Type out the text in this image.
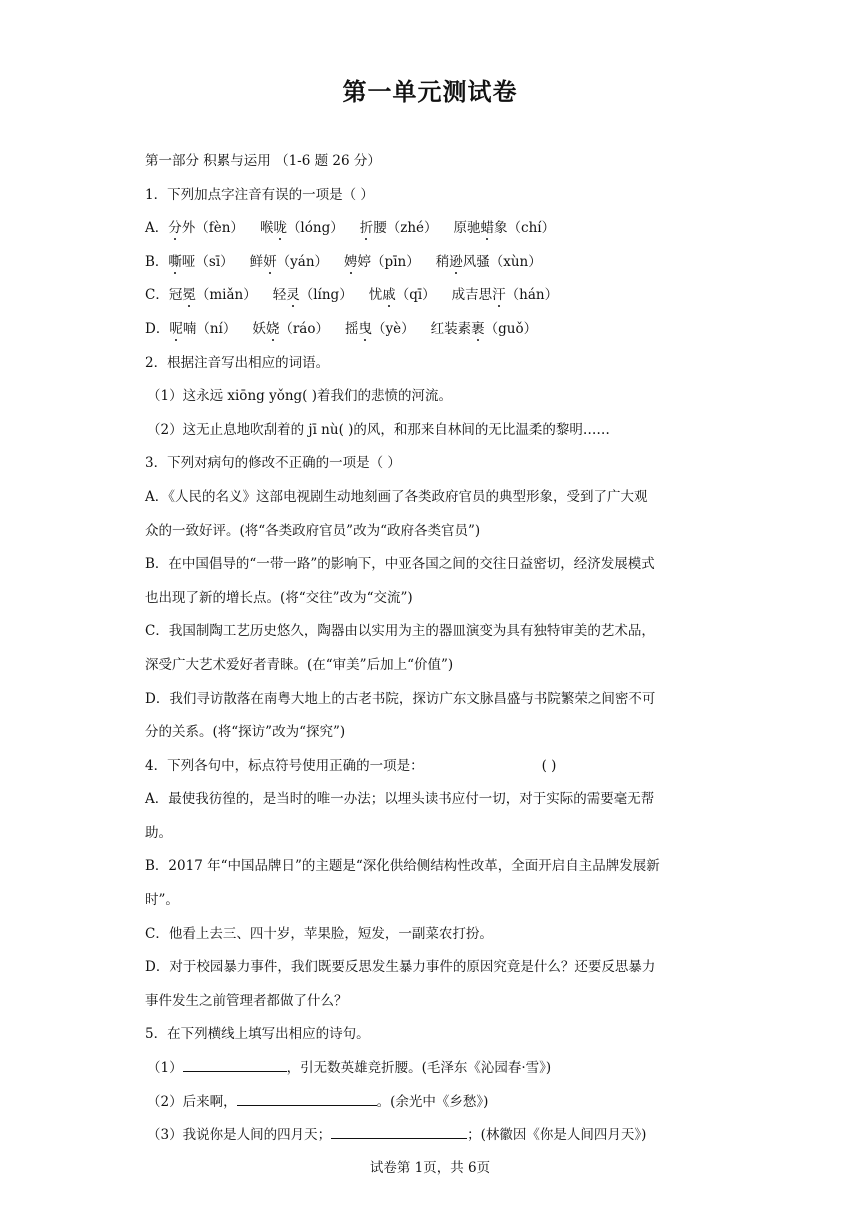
第一单元测试卷
第一部分 积累与运用 （1-6 题 26 分）
1．下列加点字注音有误的一项是（ ）
A．分外（fèn） 喉咙（lóng） 折腰（zhé） 原驰蜡象（chí）
B．嘶哑（sī） 鲜妍（yán） 娉婷（pīn） 稍逊风骚（xùn）
C．冠冕（miǎn） 轻灵（líng） 忧戚（qī） 成吉思汗（hán）
D．呢喃（ní） 妖娆（ráo） 摇曳（yè） 红装素裹（guǒ）
2．根据注音写出相应的词语。
（1）这永远 xiōng yǒng( )着我们的悲愤的河流。
（2）这无止息地吹刮着的 jī nù( )的风，和那来自林间的无比温柔的黎明……
3．下列对病句的修改不正确的一项是（ ）
A．《人民的名义》这部电视剧生动地刻画了各类政府官员的典型形象，受到了广大观
众的一致好评。(将“各类政府官员”改为“政府各类官员”)
B．在中国倡导的“一带一路”的影响下，中亚各国之间的交往日益密切，经济发展模式
也出现了新的增长点。(将“交往”改为“交流”)
C．我国制陶工艺历史悠久，陶器由以实用为主的器皿演变为具有独特审美的艺术品，
深受广大艺术爱好者青睐。(在“审美”后加上“价值”)
D．我们寻访散落在南粤大地上的古老书院，探访广东文脉昌盛与书院繁荣之间密不可
分的关系。(将“探访”改为“探究”)
4．下列各句中，标点符号使用正确的一项是：	( )
A．最使我彷徨的，是当时的唯一办法；以埋头读书应付一切，对于实际的需要毫无帮
助。
B．2017 年“中国品牌日”的主题是“深化供给侧结构性改革，全面开启自主品牌发展新
时”。
C．他看上去三、四十岁，苹果脸，短发，一副菜农打扮。
D．对于校园暴力事件，我们既要反思发生暴力事件的原因究竟是什么？还要反思暴力
事件发生之前管理者都做了什么？
5．在下列横线上填写出相应的诗句。
（1）	，引无数英雄竞折腰。(毛泽东《沁园春·雪》)
（2）后来啊，	。(余光中《乡愁》)
（3）我说你是人间的四月天；	；(林徽因《你是人间四月天》)
试卷第 1页，共 6页
